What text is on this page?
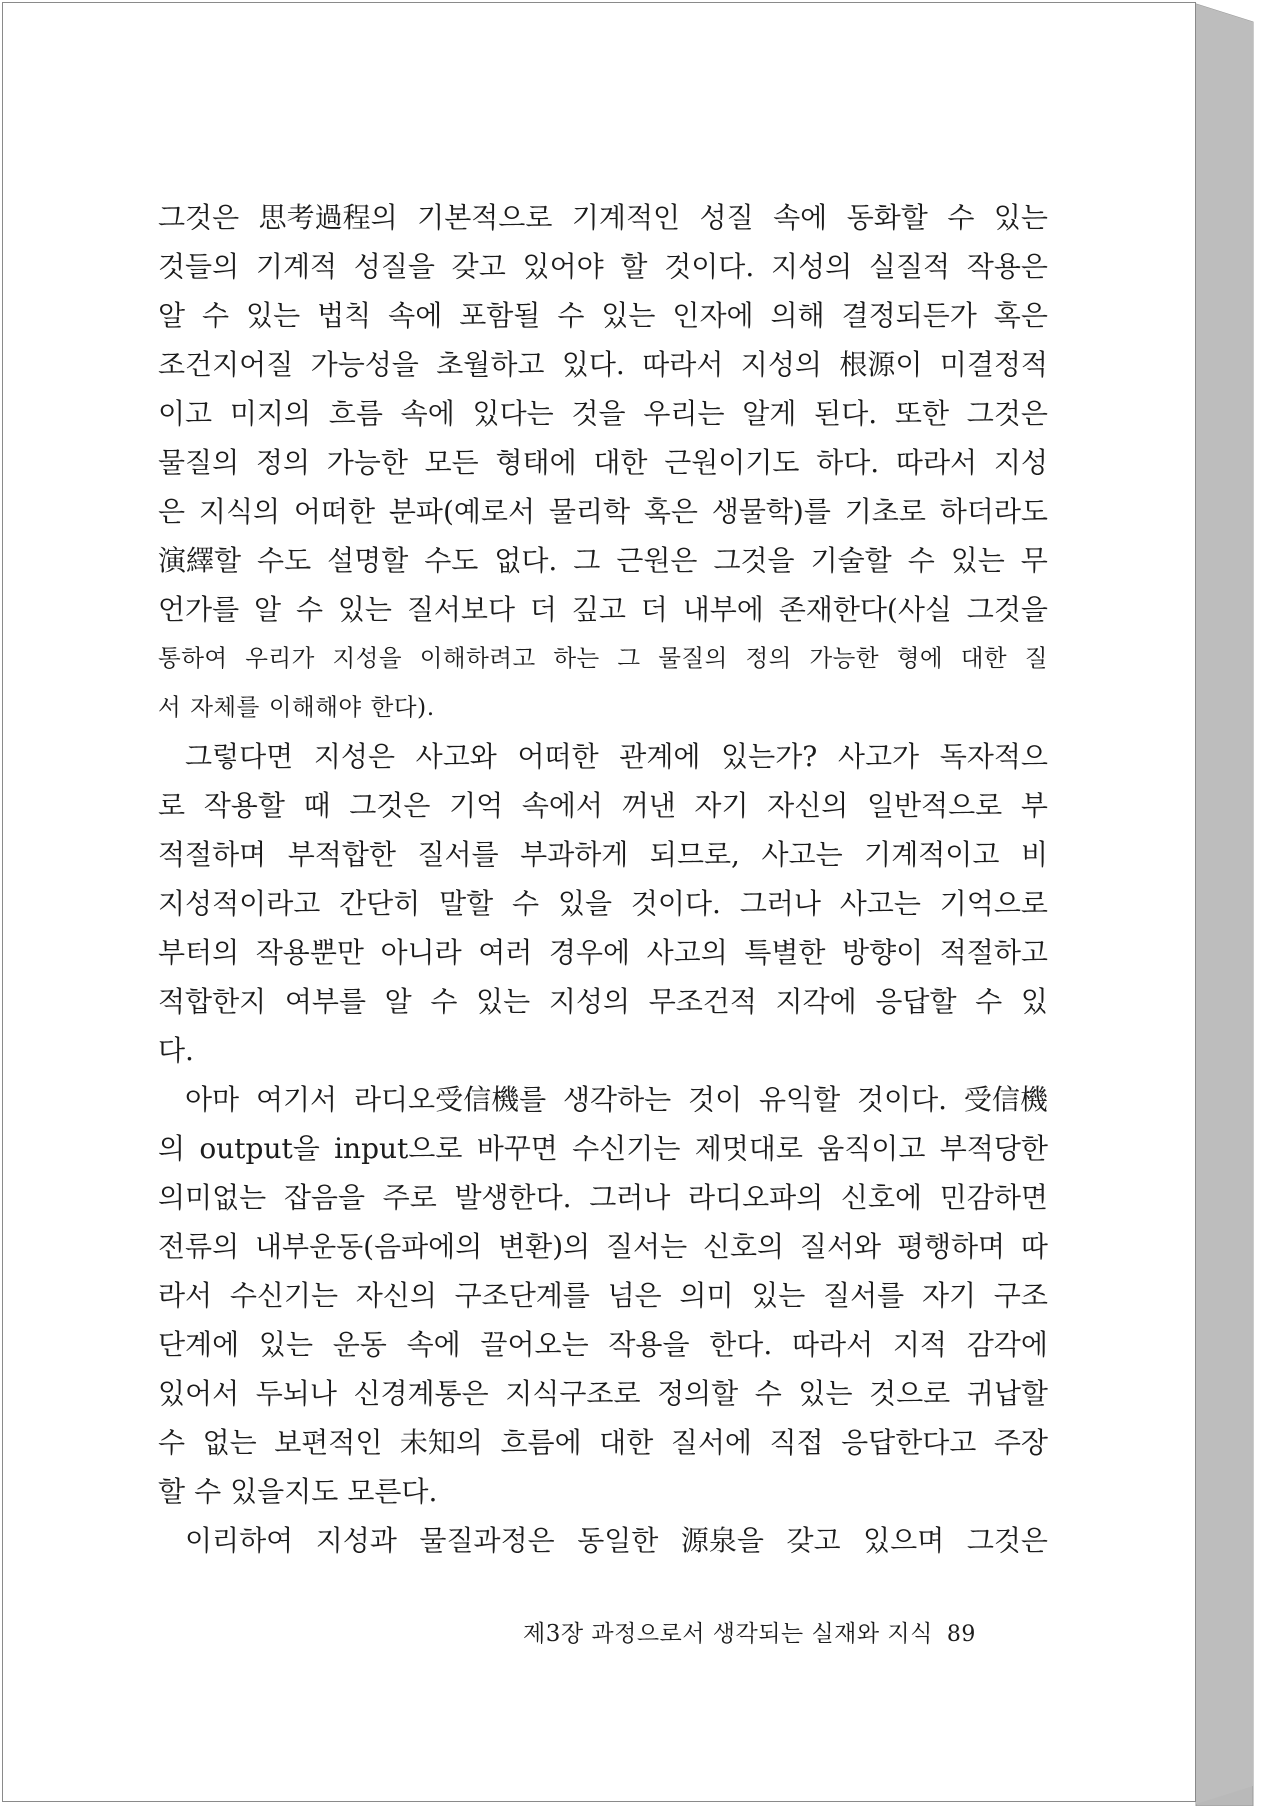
그것은 思考過程의 기본적으로 기계적인 성질 속에 동화할 수 있는
것들의 기계적 성질을 갖고 있어야 할 것이다. 지성의 실질적 작용은
알 수 있는 법칙 속에 포함될 수 있는 인자에 의해 결정되든가 혹은
조건지어질 가능성을 초월하고 있다. 따라서 지성의 根源이 미결정적
이고 미지의 흐름 속에 있다는 것을 우리는 알게 된다. 또한 그것은
물질의 정의 가능한 모든 형태에 대한 근원이기도 하다. 따라서 지성
은 지식의 어떠한 분파(예로서 물리학 혹은 생물학)를 기초로 하더라도
演繹할 수도 설명할 수도 없다. 그 근원은 그것을 기술할 수 있는 무
언가를 알 수 있는 질서보다 더 깊고 더 내부에 존재한다(사실 그것을
통하여 우리가 지성을 이해하려고 하는 그 물질의 정의 가능한 형에 대한 질
서 자체를 이해해야 한다).
그렇다면 지성은 사고와 어떠한 관계에 있는가? 사고가 독자적으
로 작용할 때 그것은 기억 속에서 꺼낸 자기 자신의 일반적으로 부
적절하며 부적합한 질서를 부과하게 되므로, 사고는 기계적이고 비
지성적이라고 간단히 말할 수 있을 것이다. 그러나 사고는 기억으로
부터의 작용뿐만 아니라 여러 경우에 사고의 특별한 방향이 적절하고
적합한지 여부를 알 수 있는 지성의 무조건적 지각에 응답할 수 있
다.
아마 여기서 라디오受信機를 생각하는 것이 유익할 것이다. 受信機
의 output을 input으로 바꾸면 수신기는 제멋대로 움직이고 부적당한
의미없는 잡음을 주로 발생한다. 그러나 라디오파의 신호에 민감하면
전류의 내부운동(음파에의 변환)의 질서는 신호의 질서와 평행하며 따
라서 수신기는 자신의 구조단계를 넘은 의미 있는 질서를 자기 구조
단계에 있는 운동 속에 끌어오는 작용을 한다. 따라서 지적 감각에
있어서 두뇌나 신경계통은 지식구조로 정의할 수 있는 것으로 귀납할
수 없는 보편적인 未知의 흐름에 대한 질서에 직접 응답한다고 주장
할 수 있을지도 모른다.
이리하여 지성과 물질과정은 동일한 源泉을 갖고 있으며 그것은
제3장 과정으로서 생각되는 실재와 지식 89
